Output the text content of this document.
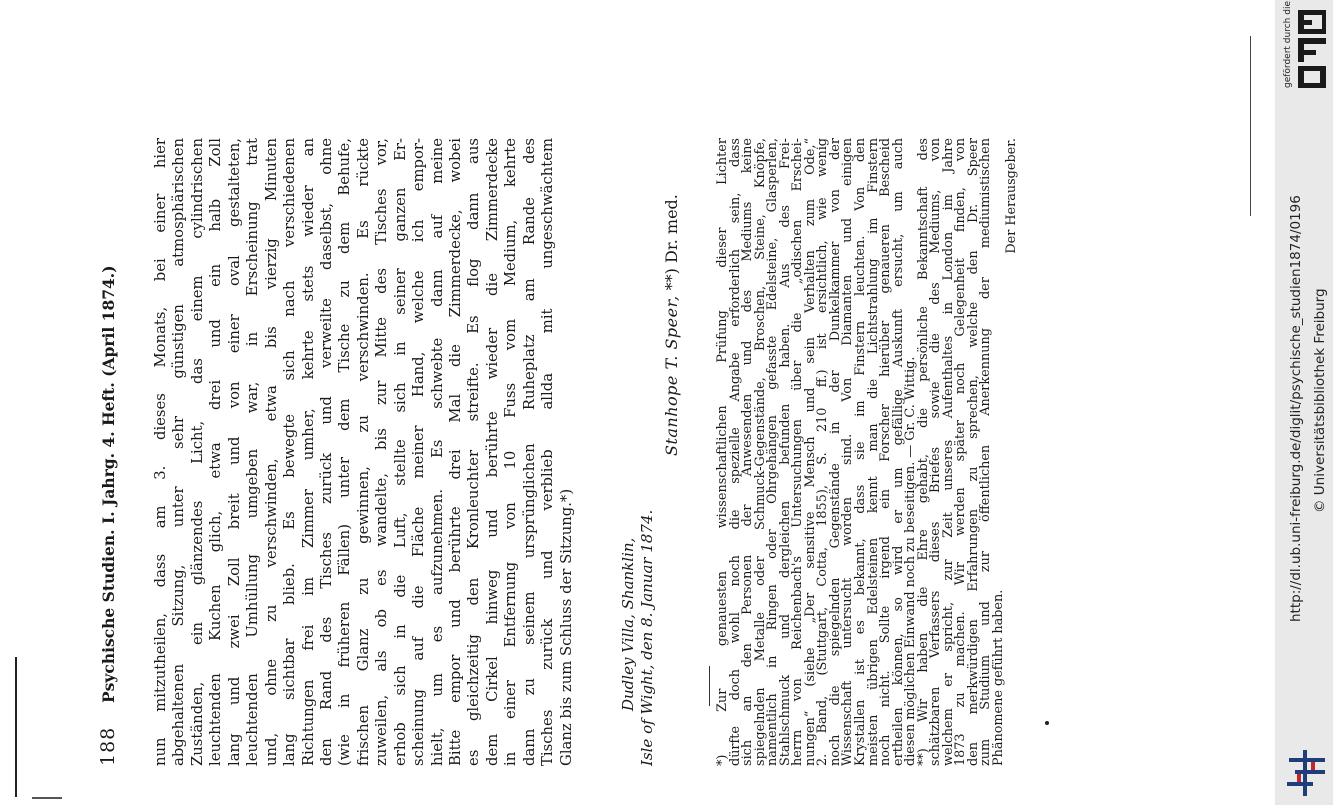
188
Psychische Studien. I. Jahrg. 4. Heft. (April 1874.) nun mitzutheilen, dass am 3. dieses Monats, bei einer hier abgehaltenen Sitzung, unter sehr günstigen atmosphärischen Zuständen, ein glänzendes Licht, das einem cylindrischen leuchtenden Kuchen glich, etwa drei und ein halb Zoll lang und zwei Zoll breit und von einer oval gestalteten, leuchtenden Umhüllung umgeben war, in Erscheinung trat und, ohne zu verschwinden, etwa bis vierzig Minuten lang sichtbar blieb. Es bewegte sich nach verschiedenen Richtungen frei im Zimmer umher, kehrte stets wieder an den Rand des Tisches zurück und verweilte daselbst, ohne (wie in früheren Fällen) unter dem Tische zu dem Behufe, frischen Glanz zu gewinnen, zu verschwinden. Es rückte zuweilen, als ob es wandelte, bis zur Mitte des Tisches vor, erhob sich in die Luft, stellte sich in seiner ganzen Er- scheinung auf die Fläche meiner Hand, welche ich empor- hielt, um es aufzunehmen. Es schwebte dann auf meine Bitte empor und berührte drei Mal die Zimmerdecke, wobei es gleichzeitig den Kronleuchter streifte. Es flog dann aus dem Cirkel hinweg und berührte wieder die Zimmerdecke in einer Entfernung von 10 Fuss vom Medium, kehrte dann zu seinem ursprünglichen Ruheplatz am Rande des Tisches zurück und verblieb allda mit ungeschwächtem Glanz bis zum Schluss der Sitzung.*)	Dudley Villa, Shanklin, Isle of Wight, den 8. Januar 1874.
Stanhope T. Speer, **) Dr. med.	*) Zur genauesten wissenschaftlichen Prüfung dieser Lichter
dürfte doch wohl noch die spezielle Angabe erforderlich sein, dass
sich an den Personen der Anwesenden und des Mediums keine
spiegelnden Metalle oder Schmuck-Gegenstände, Broschen, Steine, Knöpfe,
namentlich in Ringen oder Ohrgehängen gefasste Edelsteine, Glasperlen,
Stahlschmuck und dergleichen befunden haben. Aus des Frei-
herrn von Reichenbach's Untersuchungen über die „odischen Erschei-
nungen“ (siehe „Der sensitive Mensch und sein Verhalten zum Ode,“
2. Band, (Stuttgart, Cotta, 1855), S. 210 ff.) ist ersichtlich, wie wenig
noch die spiegelnden Gegenstände in der Dunkelkammer von der
Wissenschaft untersucht worden sind. Von Diamanten und einigen
Krystallen ist es bekannt, dass sie im Finstern leuchten. Von den
meisten übrigen Edelsteinen kennt man die Lichtstrahlung im Finstern
noch nicht. Sollte irgend ein Forscher hierüber genaueren Bescheid
ertheilen können, so wird er um gefällige Auskunft ersucht, um auch
diesen möglichen Einwand noch zu beseitigen. — Gr. C. Wittig.
**) Wir haben die Ehre gehabt, die persönliche Bekanntschaft des
schätzbaren Verfassers dieses Briefes sowie die des Mediums, von
welchem er spricht, zur Zeit unseres Aufenthaltes in London im Jahre
1873 zu machen. Wir werden später noch Gelegenheit finden, von
den merkwürdigen Erfahrungen zu sprechen, welche den Dr. Speer
zum Studium und zur öffentlichen Anerkennung der mediumistischen
Phänomene geführt haben.
Der Herausgeber.
gefördert durch die
http://dl.ub.uni-freiburg.de/diglit/psychische_studien1874/0196 © Universitätsbibliothek Freiburg
